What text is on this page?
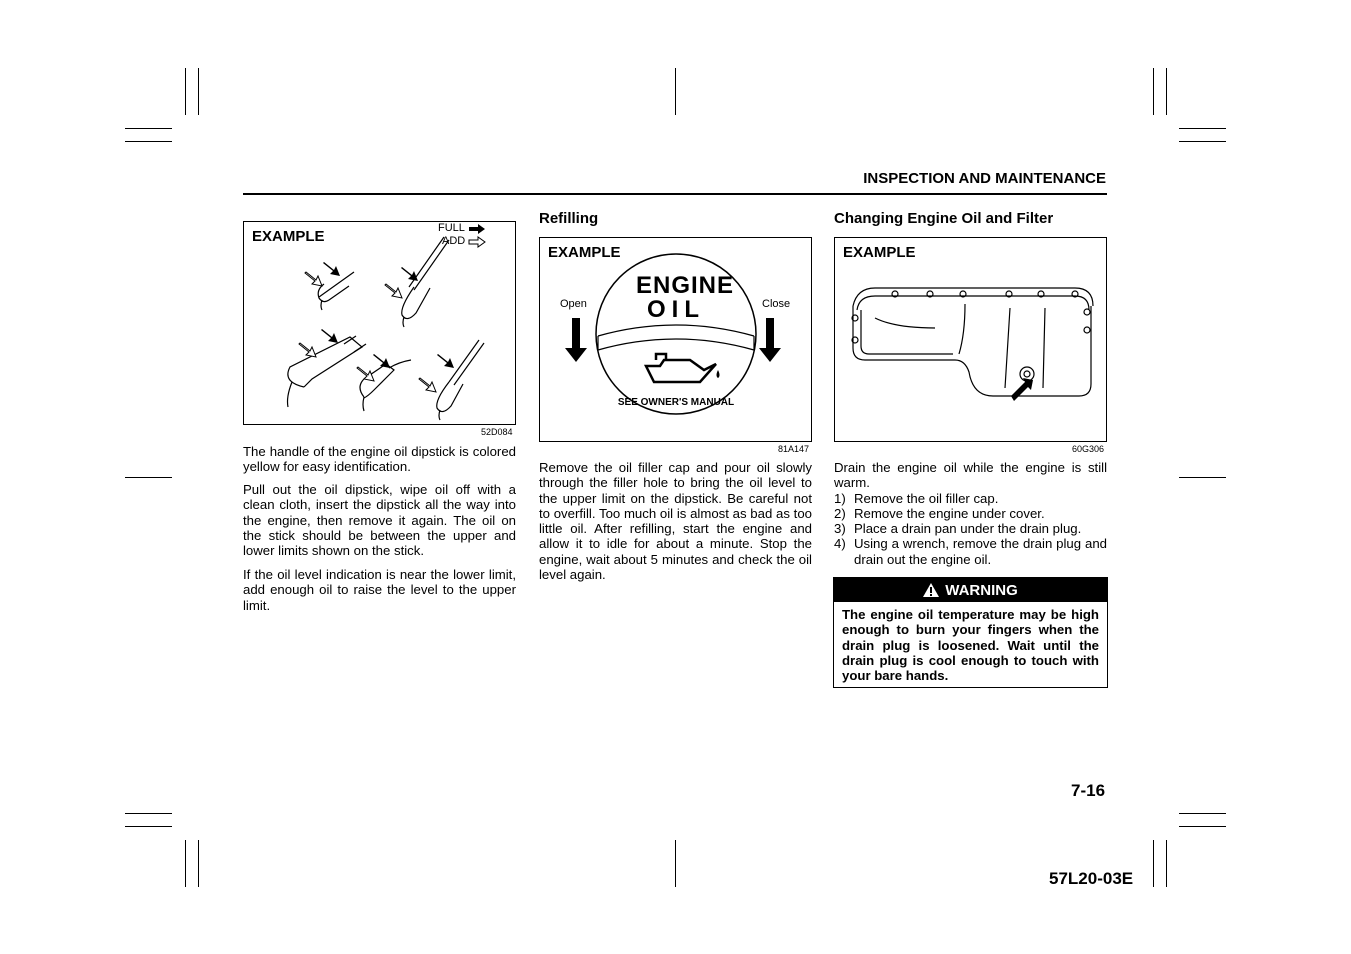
INSPECTION AND MAINTENANCE
EXAMPLE	FULL
ADD
52D084

The handle of the engine oil dipstick is colored yellow for easy identification.

Pull out the oil dipstick, wipe oil off with a clean cloth, insert the dipstick all the way into the engine, then remove it again. The oil on the stick should be between the upper and lower limits shown on the stick.

If the oil level indication is near the lower limit, add enough oil to raise the level to the upper limit.

Refilling
EXAMPLE
Open	Close
ENGINE
OIL
SEE OWNER'S MANUAL
81A147

Remove the oil filler cap and pour oil slowly through the filler hole to bring the oil level to the upper limit on the dipstick. Be careful not to overfill. Too much oil is almost as bad as too little oil. After refilling, start the engine and allow it to idle for about a minute. Stop the engine, wait about 5 minutes and check the oil level again.

Changing Engine Oil and Filter
EXAMPLE
60G306
Drain the engine oil while the engine is still warm.
1) Remove the oil filler cap.
2) Remove the engine under cover.
3) Place a drain pan under the drain plug.
4) Using a wrench, remove the drain plug and drain out the engine oil.
WARNING
The engine oil temperature may be high enough to burn your fingers when the drain plug is loosened. Wait until the drain plug is cool enough to touch with your bare hands.
7-16
57L20-03E
